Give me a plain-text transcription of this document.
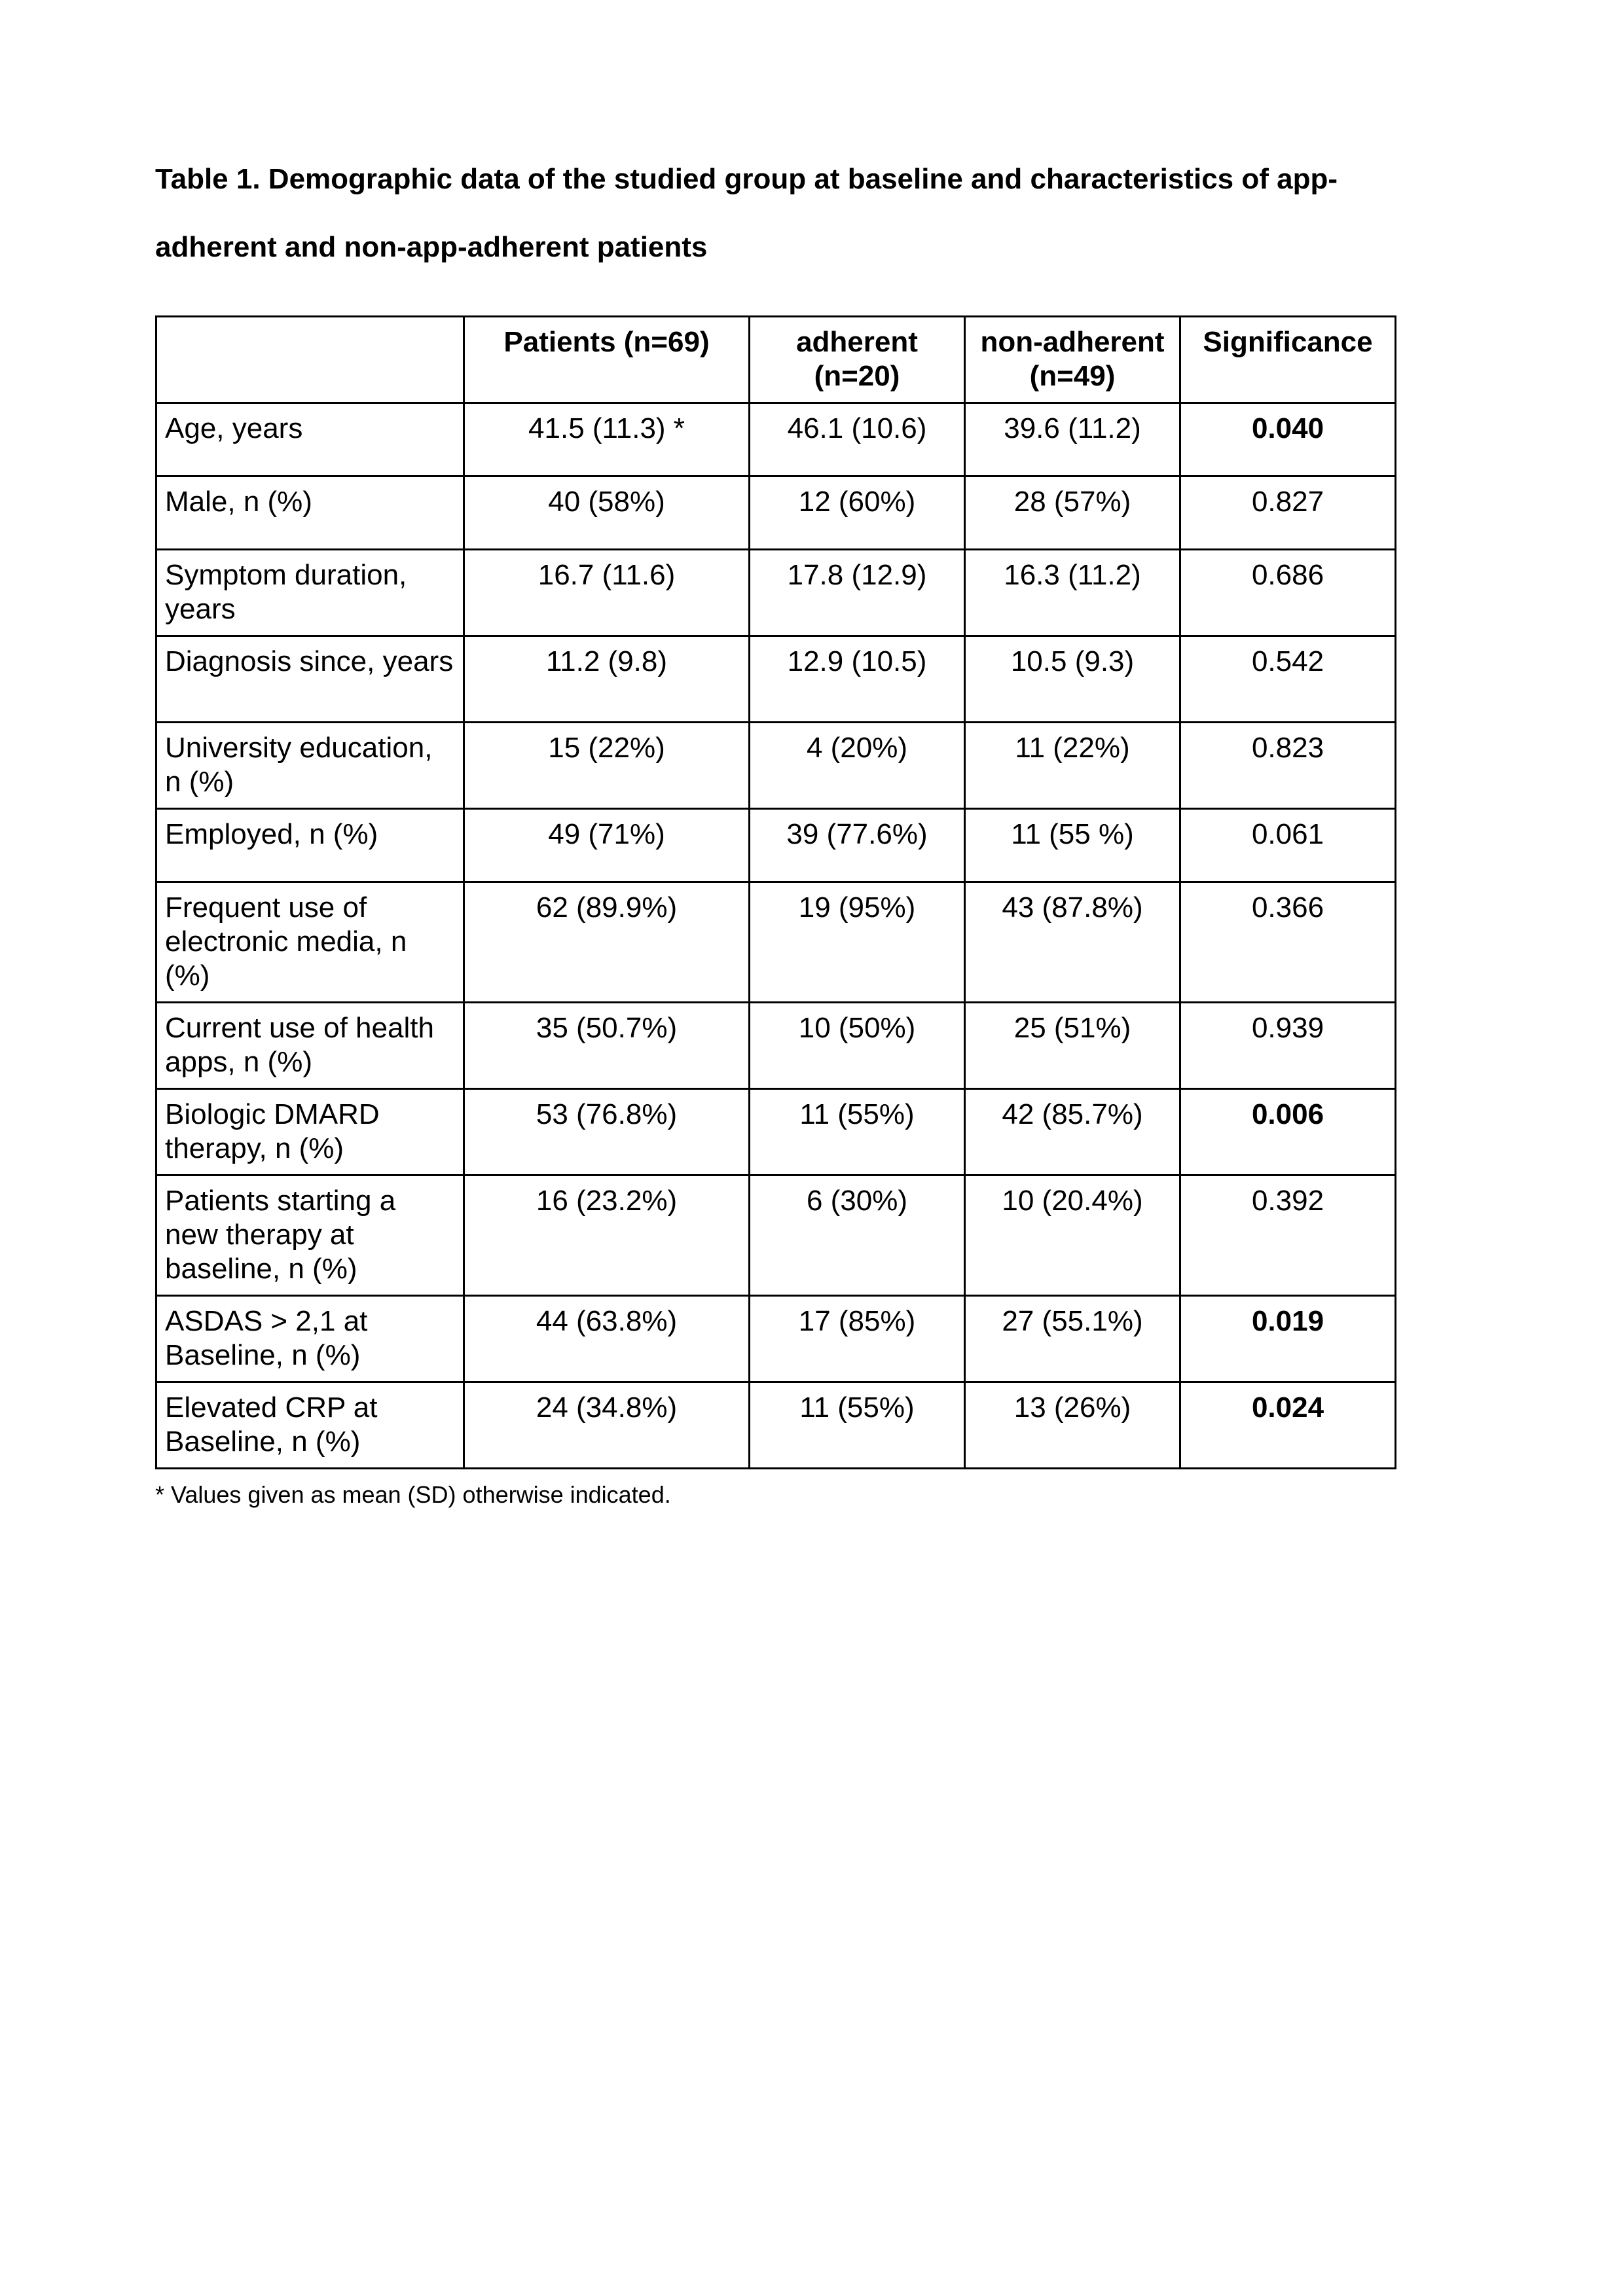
Table 1. Demographic data of the studied group at baseline and characteristics of app-adherent and non-app-adherent patients

	Patients (n=69)	adherent (n=20)	non-adherent (n=49)	Significance
Age, years	41.5 (11.3) *	46.1 (10.6)	39.6 (11.2)	0.040
Male, n (%)	40 (58%)	12 (60%)	28 (57%)	0.827
Symptom duration, years	16.7 (11.6)	17.8 (12.9)	16.3 (11.2)	0.686
Diagnosis since, years	11.2 (9.8)	12.9 (10.5)	10.5 (9.3)	0.542
University education, n (%)	15 (22%)	4 (20%)	11 (22%)	0.823
Employed, n (%)	49 (71%)	39 (77.6%)	11 (55 %)	0.061
Frequent use of electronic media, n (%)	62 (89.9%)	19 (95%)	43 (87.8%)	0.366
Current use of health apps, n (%)	35 (50.7%)	10 (50%)	25 (51%)	0.939
Biologic DMARD therapy, n (%)	53 (76.8%)	11 (55%)	42 (85.7%)	0.006
Patients starting a new therapy at baseline, n (%)	16 (23.2%)	6 (30%)	10 (20.4%)	0.392
ASDAS > 2,1 at Baseline, n (%)	44 (63.8%)	17 (85%)	27 (55.1%)	0.019
Elevated CRP at Baseline, n (%)	24 (34.8%)	11 (55%)	13 (26%)	0.024

* Values given as mean (SD) otherwise indicated.
